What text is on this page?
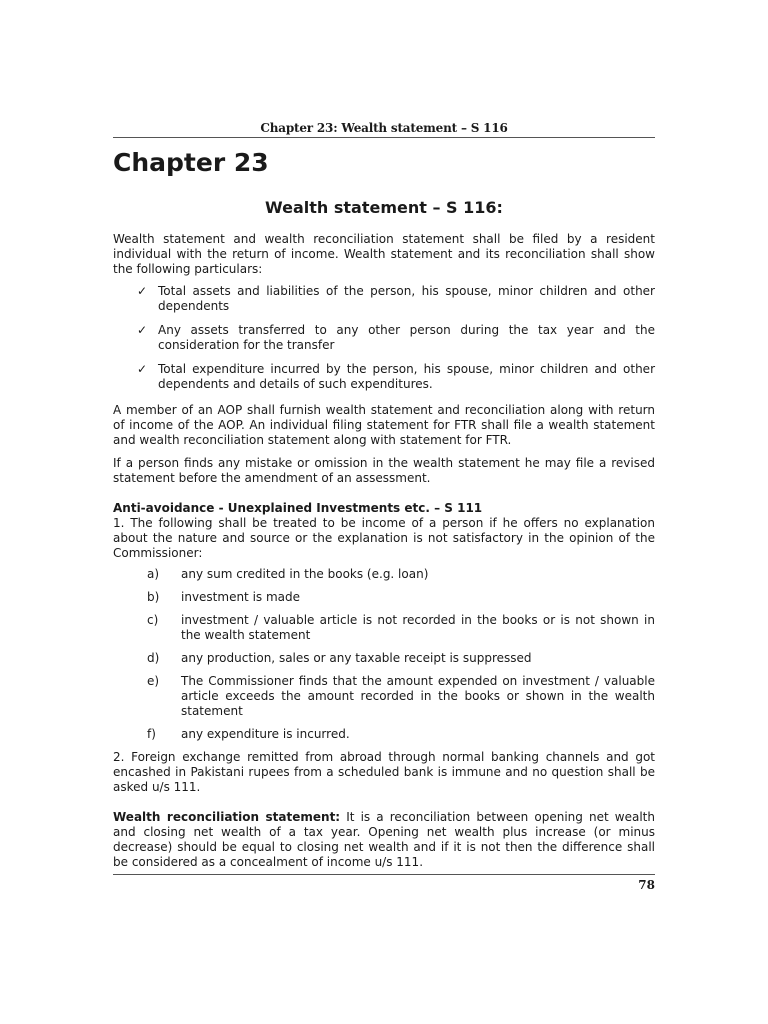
Chapter 23: Wealth statement – S 116
Chapter 23
Wealth statement – S 116:

Wealth statement and wealth reconciliation statement shall be filed by a resident individual with the return of income. Wealth statement and its reconciliation shall show the following particulars:

✓ Total assets and liabilities of the person, his spouse, minor children and other dependents
✓ Any assets transferred to any other person during the tax year and the consideration for the transfer
✓ Total expenditure incurred by the person, his spouse, minor children and other dependents and details of such expenditures.

A member of an AOP shall furnish wealth statement and reconciliation along with return of income of the AOP. An individual filing statement for FTR shall file a wealth statement and wealth reconciliation statement along with statement for FTR.

If a person finds any mistake or omission in the wealth statement he may file a revised statement before the amendment of an assessment.

Anti-avoidance - Unexplained Investments etc. – S 111

1. The following shall be treated to be income of a person if he offers no explanation about the nature and source or the explanation is not satisfactory in the opinion of the Commissioner:

a) any sum credited in the books (e.g. loan)
b) investment is made
c) investment / valuable article is not recorded in the books or is not shown in the wealth statement
d) any production, sales or any taxable receipt is suppressed
e) The Commissioner finds that the amount expended on investment / valuable article exceeds the amount recorded in the books or shown in the wealth statement
f) any expenditure is incurred.

2. Foreign exchange remitted from abroad through normal banking channels and got encashed in Pakistani rupees from a scheduled bank is immune and no question shall be asked u/s 111.

Wealth reconciliation statement: It is a reconciliation between opening net wealth and closing net wealth of a tax year. Opening net wealth plus increase (or minus decrease) should be equal to closing net wealth and if it is not then the difference shall be considered as a concealment of income u/s 111.

78
